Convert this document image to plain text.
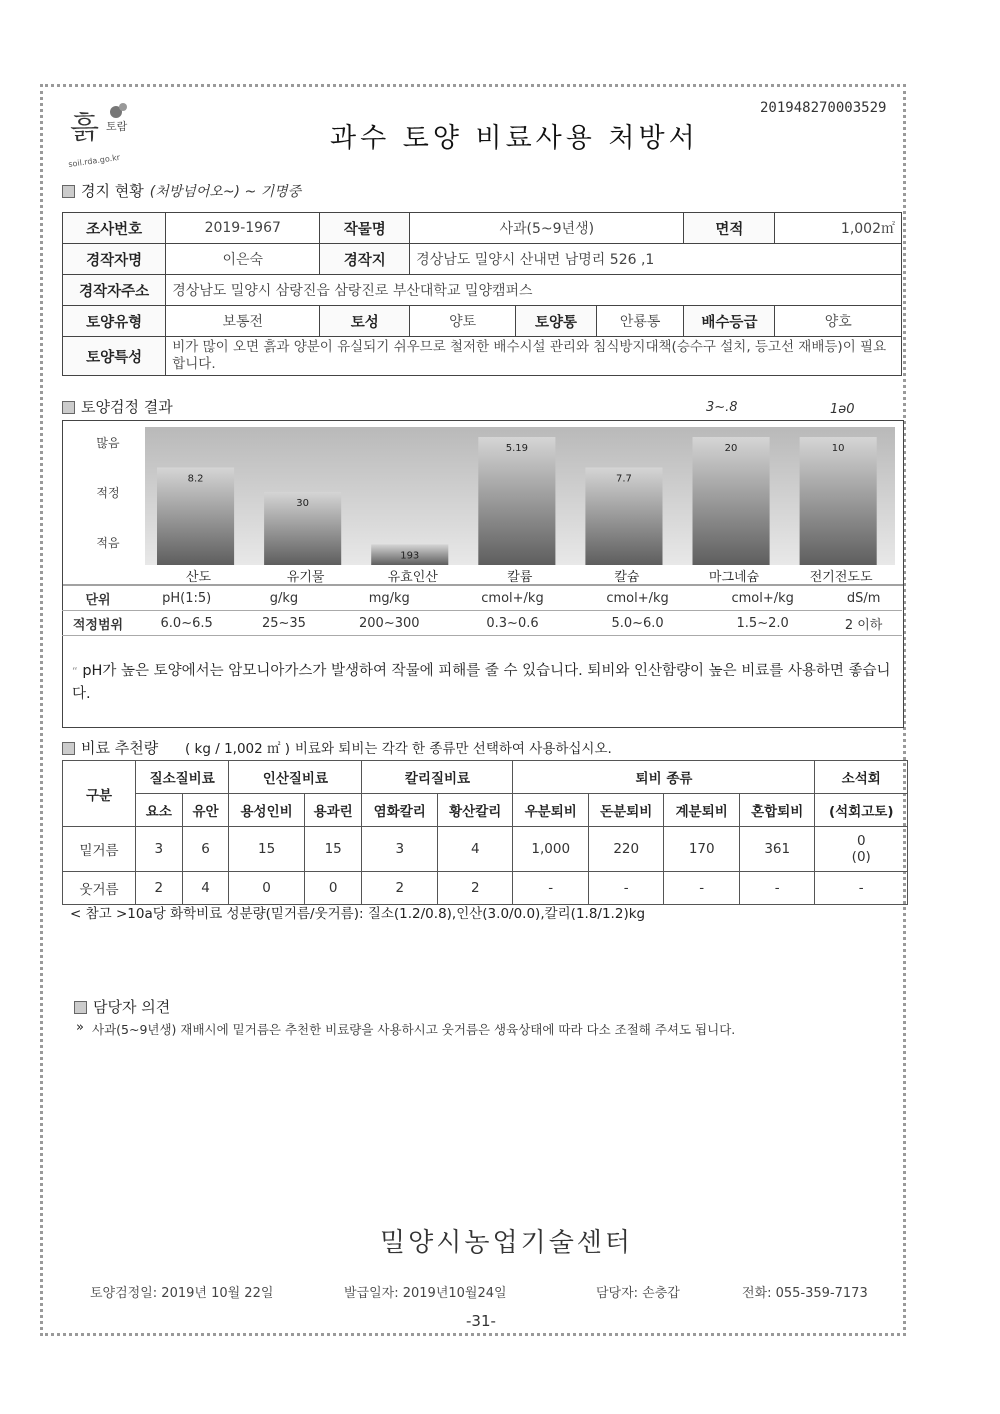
201948270003529
흙 토람
soil.rda.go.kr
과수 토양 비료사용 처방서
경지 현황 (처방넘어오~) ~ 기명중
조사번호	2019-1967	작물명	사과(5~9년생)			면적	1,002㎡
경작자명	이은숙	경작지	경상남도 밀양시 산내면 남명리 526 ,1				
경작자주소	경상남도 밀양시 삼랑진읍 삼랑진로 부산대학교 밀양캠퍼스						
토양유형	보통전	토성	양토	토양통	안룡통	배수등급	양호
토양특성	비가 많이 오면 흙과 양분이 유실되기 쉬우므로 철저한 배수시설 관리와 침식방지대책(승수구 설치, 등고선 재배등)이 필요합니다.						
토양검정 결과	3~.8	1ə0
많음
적정
적음
8.2
30
193
5.19
7.7
20	10
산도	유기물	유효인산	칼륨	칼슘	마그네슘	전기전도도
단위	pH(1:5)	g/kg	mg/kg	cmol+/kg	cmol+/kg	cmol+/kg	dS/m
적정범위	6.0~6.5	25~35	200~300	0.3~0.6	5.0~6.0	1.5~2.0	2 이하
“ pH가 높은 토양에서는 암모니아가스가 발생하여 작물에 피해를 줄 수 있습니다. 퇴비와 인산함량이 높은 비료를 사용하면 좋습니다.
비료 추천량 ( kg / 1,002 ㎡ ) 비료와 퇴비는 각각 한 종류만 선택하여 사용하십시오.
구분	질소질비료		인산질비료		칼리질비료		퇴비 종류				소석회
	요소	유안	용성인비	용과린	염화칼리	황산칼리	우분퇴비	돈분퇴비	계분퇴비	혼합퇴비	(석회고토)
밑거름	3	6	15	15	3	4	1,000	220	170	361	0
(0)
웃거름	2	4	0	0	2	2	-	-	-	-	-
< 참고 >10a당 화학비료 성분량(밑거름/웃거름): 질소(1.2/0.8),인산(3.0/0.0),칼리(1.8/1.2)kg
담당자 의견
» 사과(5~9년생) 재배시에 밑거름은 추천한 비료량을 사용하시고 웃거름은 생육상태에 따라 다소 조절해 주셔도 됩니다.
밀양시농업기술센터
토양검정일: 2019년 10월 22일	발급일자: 2019년10월24일	담당자: 손충갑	전화: 055-359-7173
-31-
